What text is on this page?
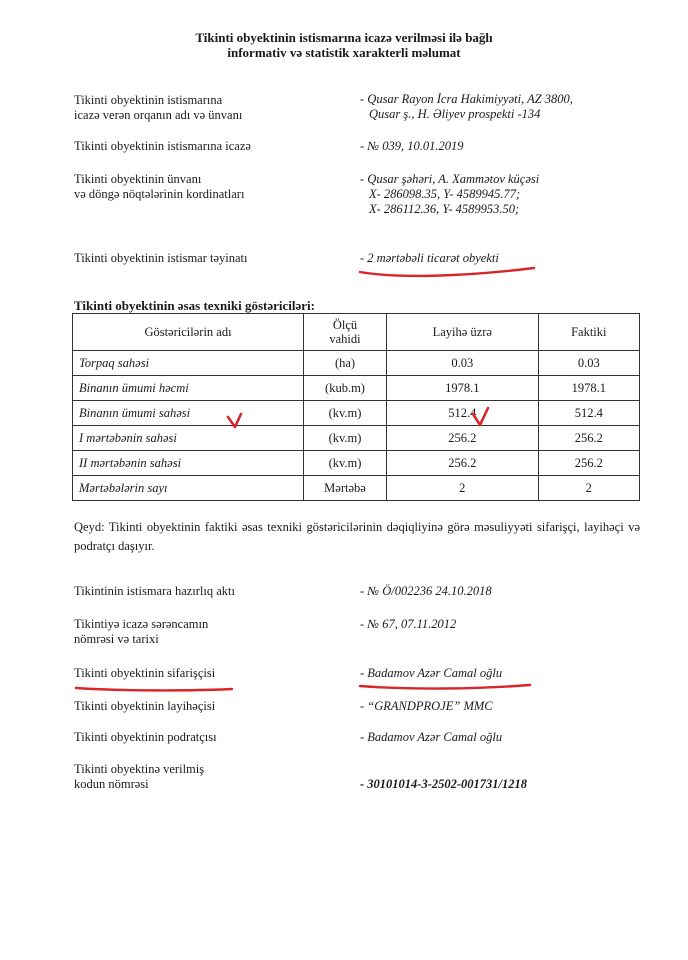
Tikinti obyektinin istismarına icazə verilməsi ilə bağlı
informativ və statistik xarakterli məlumat
Tikinti obyektinin istismarına
icazə verən orqanın adı və ünvanı
- Qusar Rayon İcra Hakimiyyəti, AZ 3800,
Qusar ş., H. Əliyev prospekti -134
Tikinti obyektinin istismarına icazə	- № 039, 10.01.2019
Tikinti obyektinin ünvanı
və döngə nöqtələrinin kordinatları
- Qusar şəhəri, A. Xammətov küçəsi
X- 286098.35, Y- 4589945.77;
X- 286112.36, Y- 4589953.50;
Tikinti obyektinin istismar təyinatı	- 2 mərtəbəli ticarət obyekti
Tikinti obyektinin əsas texniki göstəriciləri:
Göstəricilərin adı	Ölçü vahidi	Layihə üzrə	Faktiki
Torpaq sahəsi	(ha)	0.03	0.03
Binanın ümumi həcmi	(kub.m)	1978.1	1978.1
Binanın ümumi sahəsi	(kv.m)	512.4	512.4
I mərtəbənin sahəsi	(kv.m)	256.2	256.2
II mərtəbənin sahəsi	(kv.m)	256.2	256.2
Mərtəbələrin sayı	Mərtəbə	2	2
Qeyd: Tikinti obyektinin faktiki əsas texniki göstəricilərinin dəqiqliyinə görə məsuliyyəti sifarişçi, layihəçi və podratçı daşıyır.
Tikintinin istismara hazırlıq aktı	- № Ö/002236 24.10.2018
Tikintiyə icazə sərəncamın
nömrəsi və tarixi
- № 67, 07.11.2012
Tikinti obyektinin sifarişçisi	- Badamov Azər Camal oğlu
Tikinti obyektinin layihəçisi	- “GRANDPROJE” MMC
Tikinti obyektinin podratçısı	- Badamov Azər Camal oğlu
Tikinti obyektinə verilmiş
kodun nömrəsi	- 30101014-3-2502-001731/1218
